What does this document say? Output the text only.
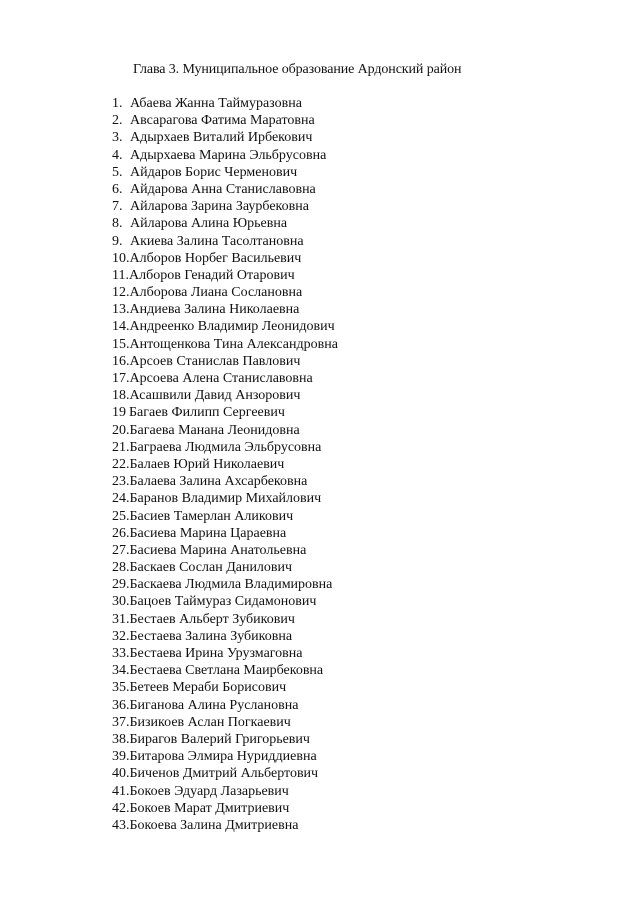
Глава 3. Муниципальное образование Ардонский район
1. Абаева Жанна Таймуразовна
2. Авсарагова Фатима Маратовна
3. Адырхаев Виталий Ирбекович
4. Адырхаева Марина Эльбрусовна
5. Айдаров Борис Черменович
6. Айдарова Анна Станиславовна
7. Айларова Зарина Заурбековна
8. Айларова Алина Юрьевна
9. Акиева Залина Тасолтановна
10. Алборов Норбег Васильевич
11. Алборов Генадий Отарович
12. Алборова Лиана Сослановна
13. Андиева Залина Николаевна
14. Андреенко Владимир Леонидович
15. Антощенкова Тина Александровна
16. Арсоев Станислав Павлович
17. Арсоева Алена Станиславовна
18. Асашвили Давид Анзорович
19 Багаев Филипп Сергеевич
20. Багаева Манана Леонидовна
21. Баграева Людмила Эльбрусовна
22. Балаев Юрий Николаевич
23. Балаева Залина Ахсарбековна
24. Баранов Владимир Михайлович
25. Басиев Тамерлан Аликович
26. Басиева Марина Цараевна
27. Басиева Марина Анатольевна
28. Баскаев Сослан Данилович
29. Баскаева Людмила Владимировна
30. Бацоев Таймураз Сидамонович
31. Бестаев Альберт Зубикович
32. Бестаева Залина Зубиковна
33. Бестаева Ирина Урузмаговна
34. Бестаева Светлана Маирбековна
35. Бетеев Мераби Борисович
36. Биганова Алина Руслановна
37. Бизикоев Аслан Погкаевич
38. Бирагов Валерий Григорьевич
39. Битарова Элмира Нуриддиевна
40. Биченов Дмитрий Альбертович
41. Бокоев Эдуард Лазарьевич
42. Бокоев Марат Дмитриевич
43. Бокоева Залина Дмитриевна
